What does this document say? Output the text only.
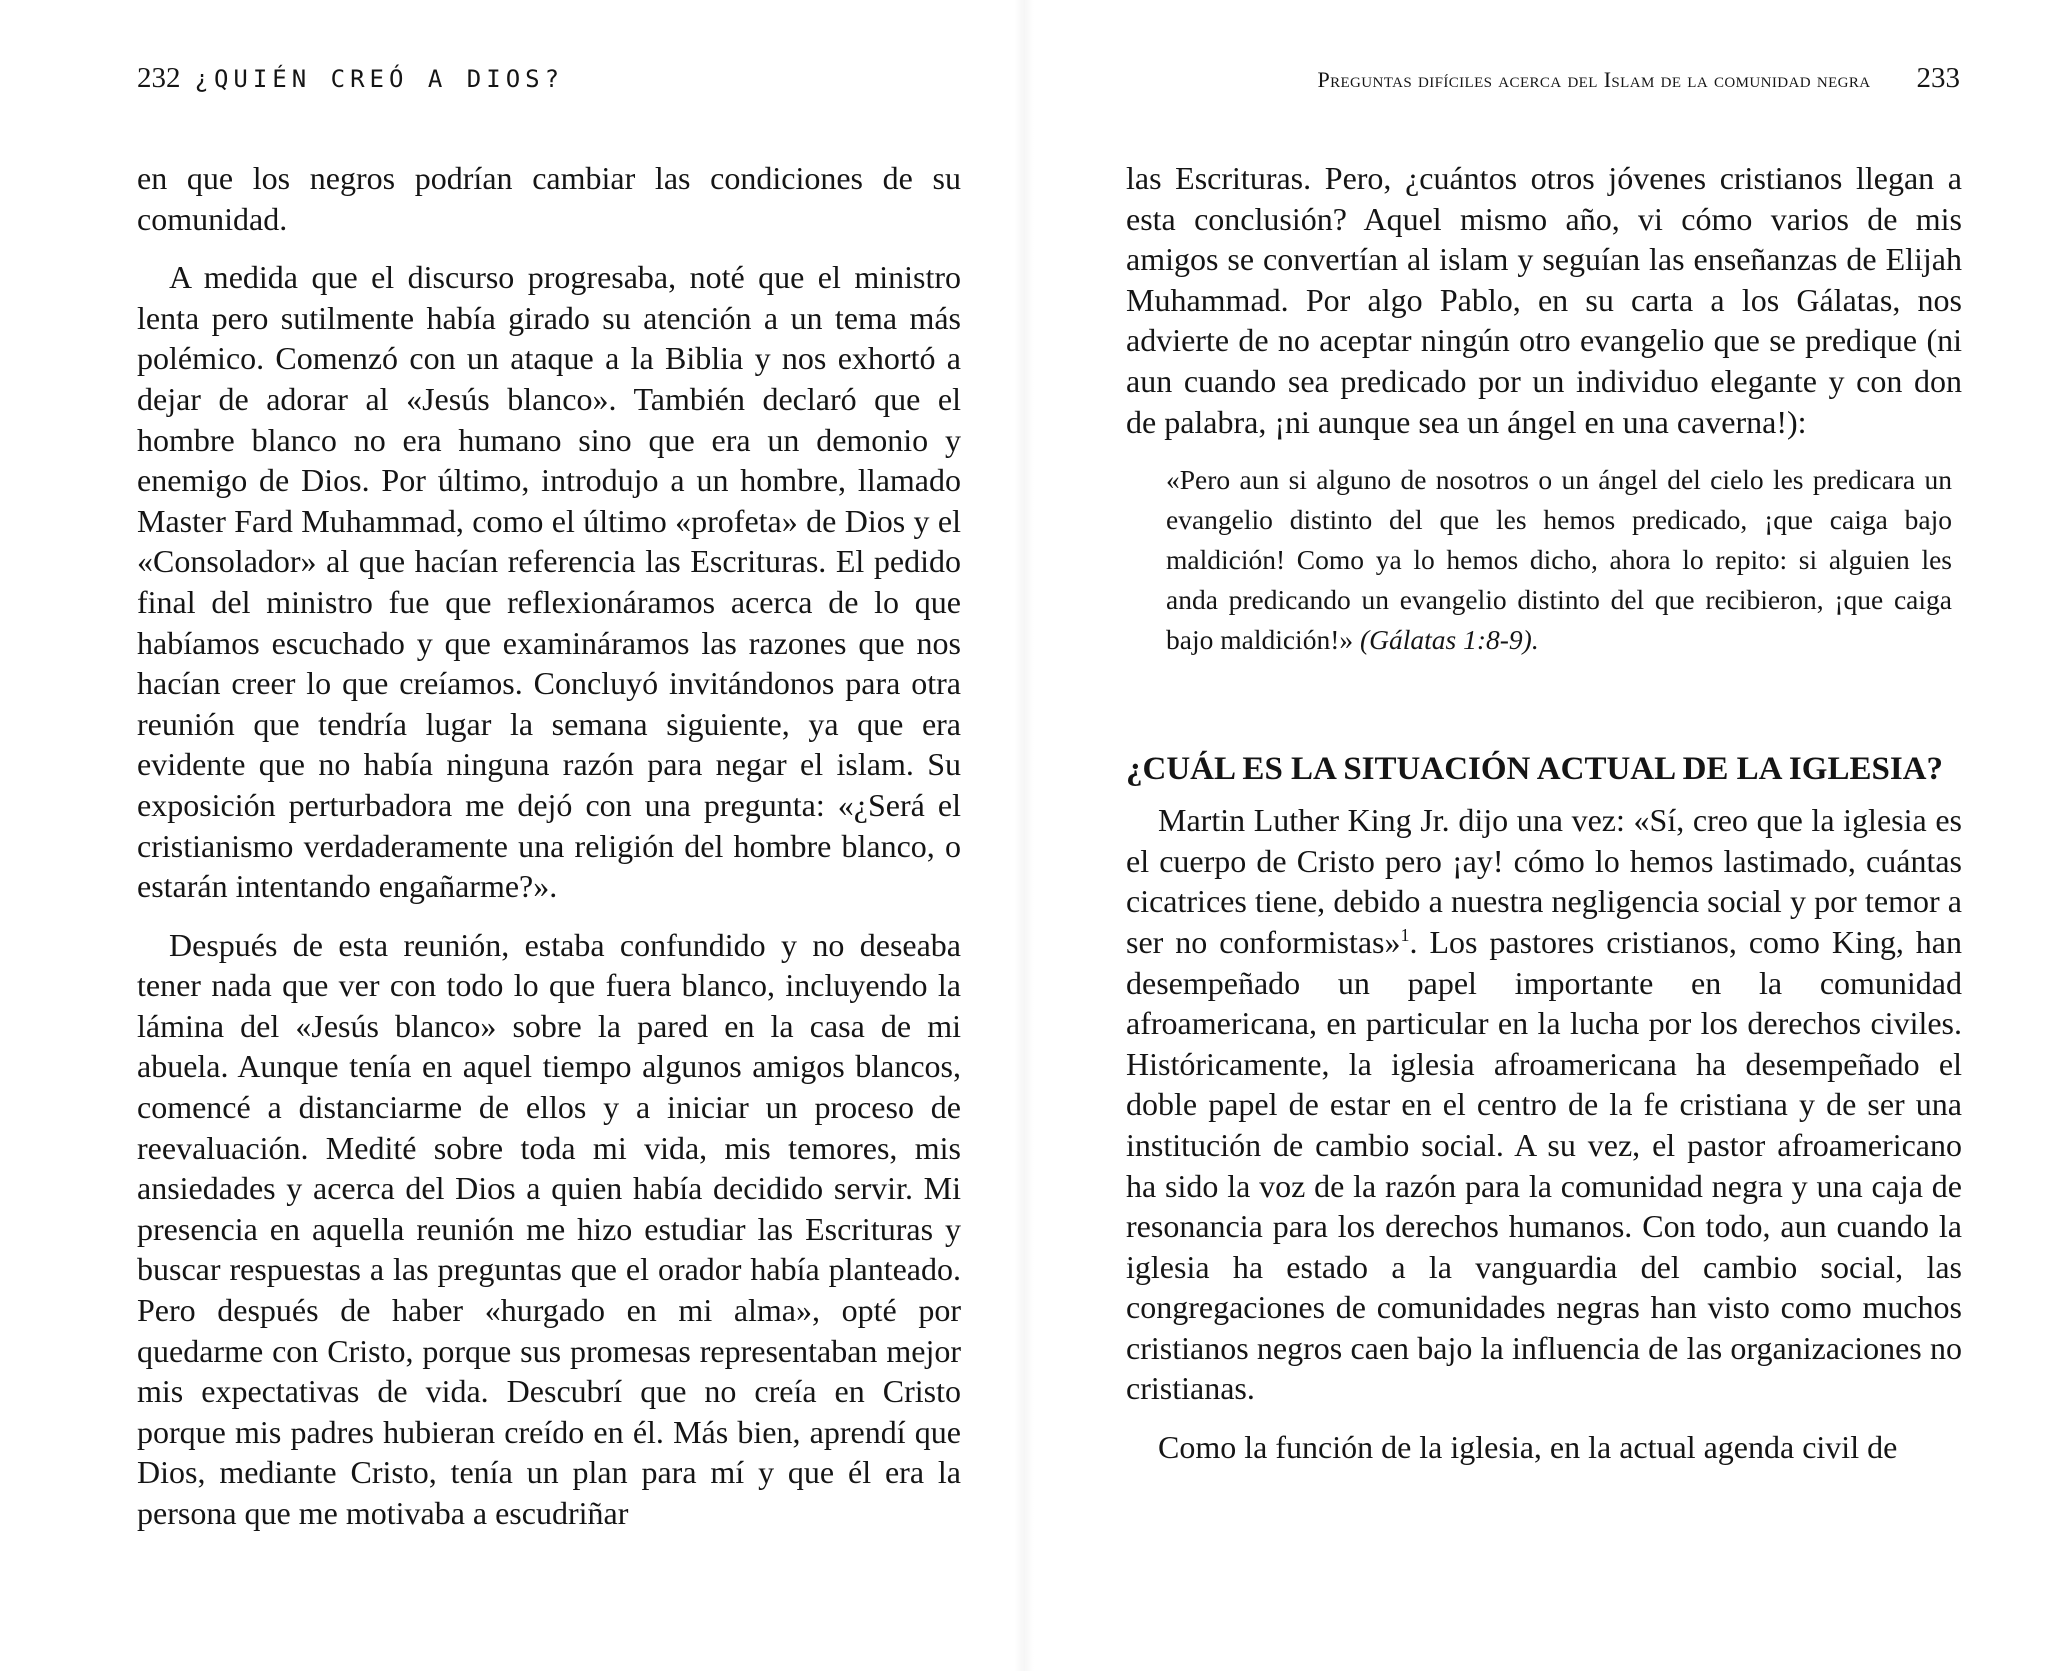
232 ¿QUIÉN CREÓ A DIOS?

en que los negros podrían cambiar las condiciones de su comunidad.

A medida que el discurso progresaba, noté que el ministro lenta pero sutilmente había girado su atención a un tema más polémico. Comenzó con un ataque a la Biblia y nos exhortó a dejar de adorar al «Jesús blanco». También declaró que el hombre blanco no era humano sino que era un demonio y enemigo de Dios. Por último, introdujo a un hombre, llamado Master Fard Muhammad, como el último «profeta» de Dios y el «Consolador» al que hacían referencia las Escrituras. El pedido final del ministro fue que reflexionáramos acerca de lo que habíamos escuchado y que examináramos las razones que nos hacían creer lo que creíamos. Concluyó invitándonos para otra reunión que tendría lugar la semana siguiente, ya que era evidente que no había ninguna razón para negar el islam. Su exposición perturbadora me dejó con una pregunta: «¿Será el cristianismo verdaderamente una religión del hombre blanco, o estarán intentando engañarme?».

Después de esta reunión, estaba confundido y no deseaba tener nada que ver con todo lo que fuera blanco, incluyendo la lámina del «Jesús blanco» sobre la pared en la casa de mi abuela. Aunque tenía en aquel tiempo algunos amigos blancos, comencé a distanciarme de ellos y a iniciar un proceso de reevaluación. Medité sobre toda mi vida, mis temores, mis ansiedades y acerca del Dios a quien había decidido servir. Mi presencia en aquella reunión me hizo estudiar las Escrituras y buscar respuestas a las preguntas que el orador había planteado. Pero después de haber «hurgado en mi alma», opté por quedarme con Cristo, porque sus promesas representaban mejor mis expectativas de vida. Descubrí que no creía en Cristo porque mis padres hubieran creído en él. Más bien, aprendí que Dios, mediante Cristo, tenía un plan para mí y que él era la persona que me motivaba a escudriñar

Preguntas difíciles acerca del Islam de la comunidad negra 233

las Escrituras. Pero, ¿cuántos otros jóvenes cristianos llegan a esta conclusión? Aquel mismo año, vi cómo varios de mis amigos se convertían al islam y seguían las enseñanzas de Elijah Muhammad. Por algo Pablo, en su carta a los Gálatas, nos advierte de no aceptar ningún otro evangelio que se predique (ni aun cuando sea predicado por un individuo elegante y con don de palabra, ¡ni aunque sea un ángel en una caverna!):

«Pero aun si alguno de nosotros o un ángel del cielo les predicara un evangelio distinto del que les hemos predicado, ¡que caiga bajo maldición! Como ya lo hemos dicho, ahora lo repito: si alguien les anda predicando un evangelio distinto del que recibieron, ¡que caiga bajo maldición!» (Gálatas 1:8-9).
¿CUÁL ES LA SITUACIÓN ACTUAL DE LA IGLESIA?

Martin Luther King Jr. dijo una vez: «Sí, creo que la iglesia es el cuerpo de Cristo pero ¡ay! cómo lo hemos lastimado, cuántas cicatrices tiene, debido a nuestra negligencia social y por temor a ser no conformistas»$^1$. Los pastores cristianos, como King, han desempeñado un papel importante en la comunidad afroamericana, en particular en la lucha por los derechos civiles. Históricamente, la iglesia afroamericana ha desempeñado el doble papel de estar en el centro de la fe cristiana y de ser una institución de cambio social. A su vez, el pastor afroamericano ha sido la voz de la razón para la comunidad negra y una caja de resonancia para los derechos humanos. Con todo, aun cuando la iglesia ha estado a la vanguardia del cambio social, las congregaciones de comunidades negras han visto como muchos cristianos negros caen bajo la influencia de las organizaciones no cristianas.

Como la función de la iglesia, en la actual agenda civil de
